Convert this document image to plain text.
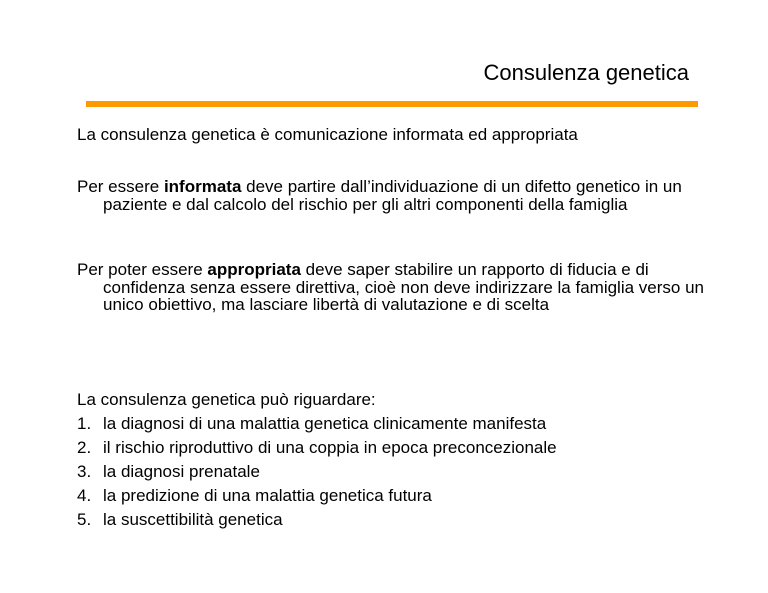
Consulenza genetica
La consulenza genetica è comunicazione informata ed appropriata
Per essere informata deve partire dall’individuazione di un difetto genetico in un paziente e dal calcolo del rischio per gli altri componenti della famiglia
Per poter essere appropriata deve saper stabilire un rapporto di fiducia e di confidenza senza essere direttiva, cioè non deve indirizzare la famiglia verso un unico obiettivo, ma lasciare libertà di valutazione e di scelta
La consulenza genetica può riguardare:
1. la diagnosi di una malattia genetica clinicamente manifesta
2. il rischio riproduttivo di una coppia in epoca preconcezionale
3. la diagnosi prenatale
4. la predizione di una malattia genetica futura
5. la suscettibilità genetica
